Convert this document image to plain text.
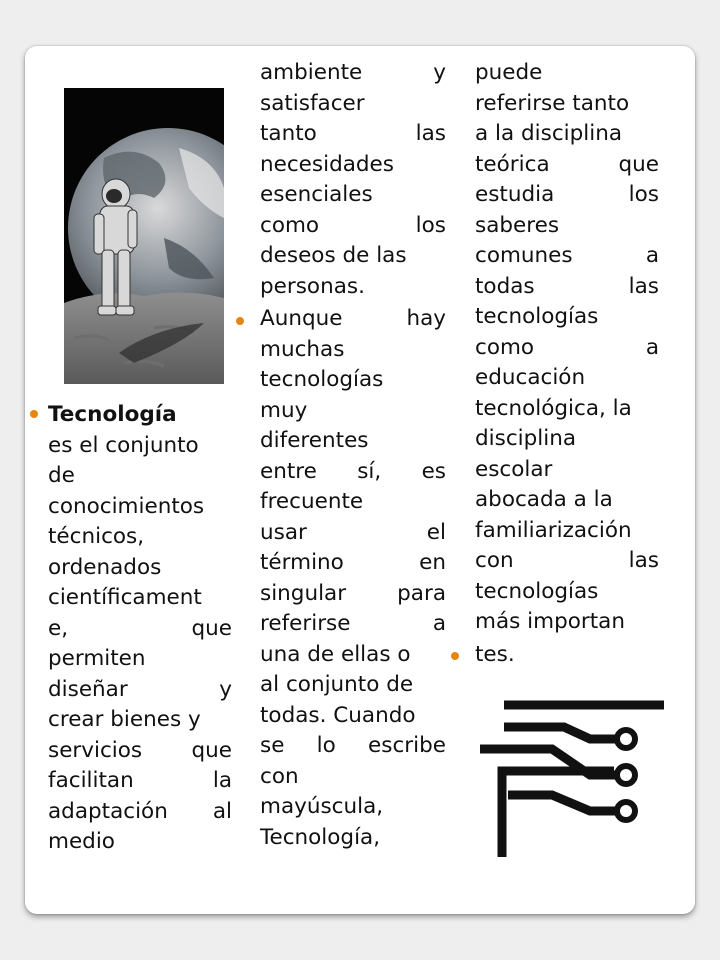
Tecnología
es el conjunto
de
conocimientos
técnicos,
ordenados
científicament
e,	que
permiten
diseñar	y
crear bienes y
servicios que
facilitan	la
adaptación al
medio
ambiente	y
satisfacer
tanto	las
necesidades
esenciales
como	los
deseos de las
personas.
Aunque	hay
muchas
tecnologías
muy
diferentes
entre sí, es
frecuente
usar	el
término	en
singular para
referirse	a
una de ellas o
al conjunto de
todas. Cuando
se lo escribe
con
mayúscula,
Tecnología,
puede
referirse tanto
a la disciplina
teórica	que
estudia	los
saberes
comunes	a
todas	las
tecnologías
como	a
educación
tecnológica, la
disciplina
escolar
abocada a la
familiarización
con	las
tecnologías
más importan
tes.
